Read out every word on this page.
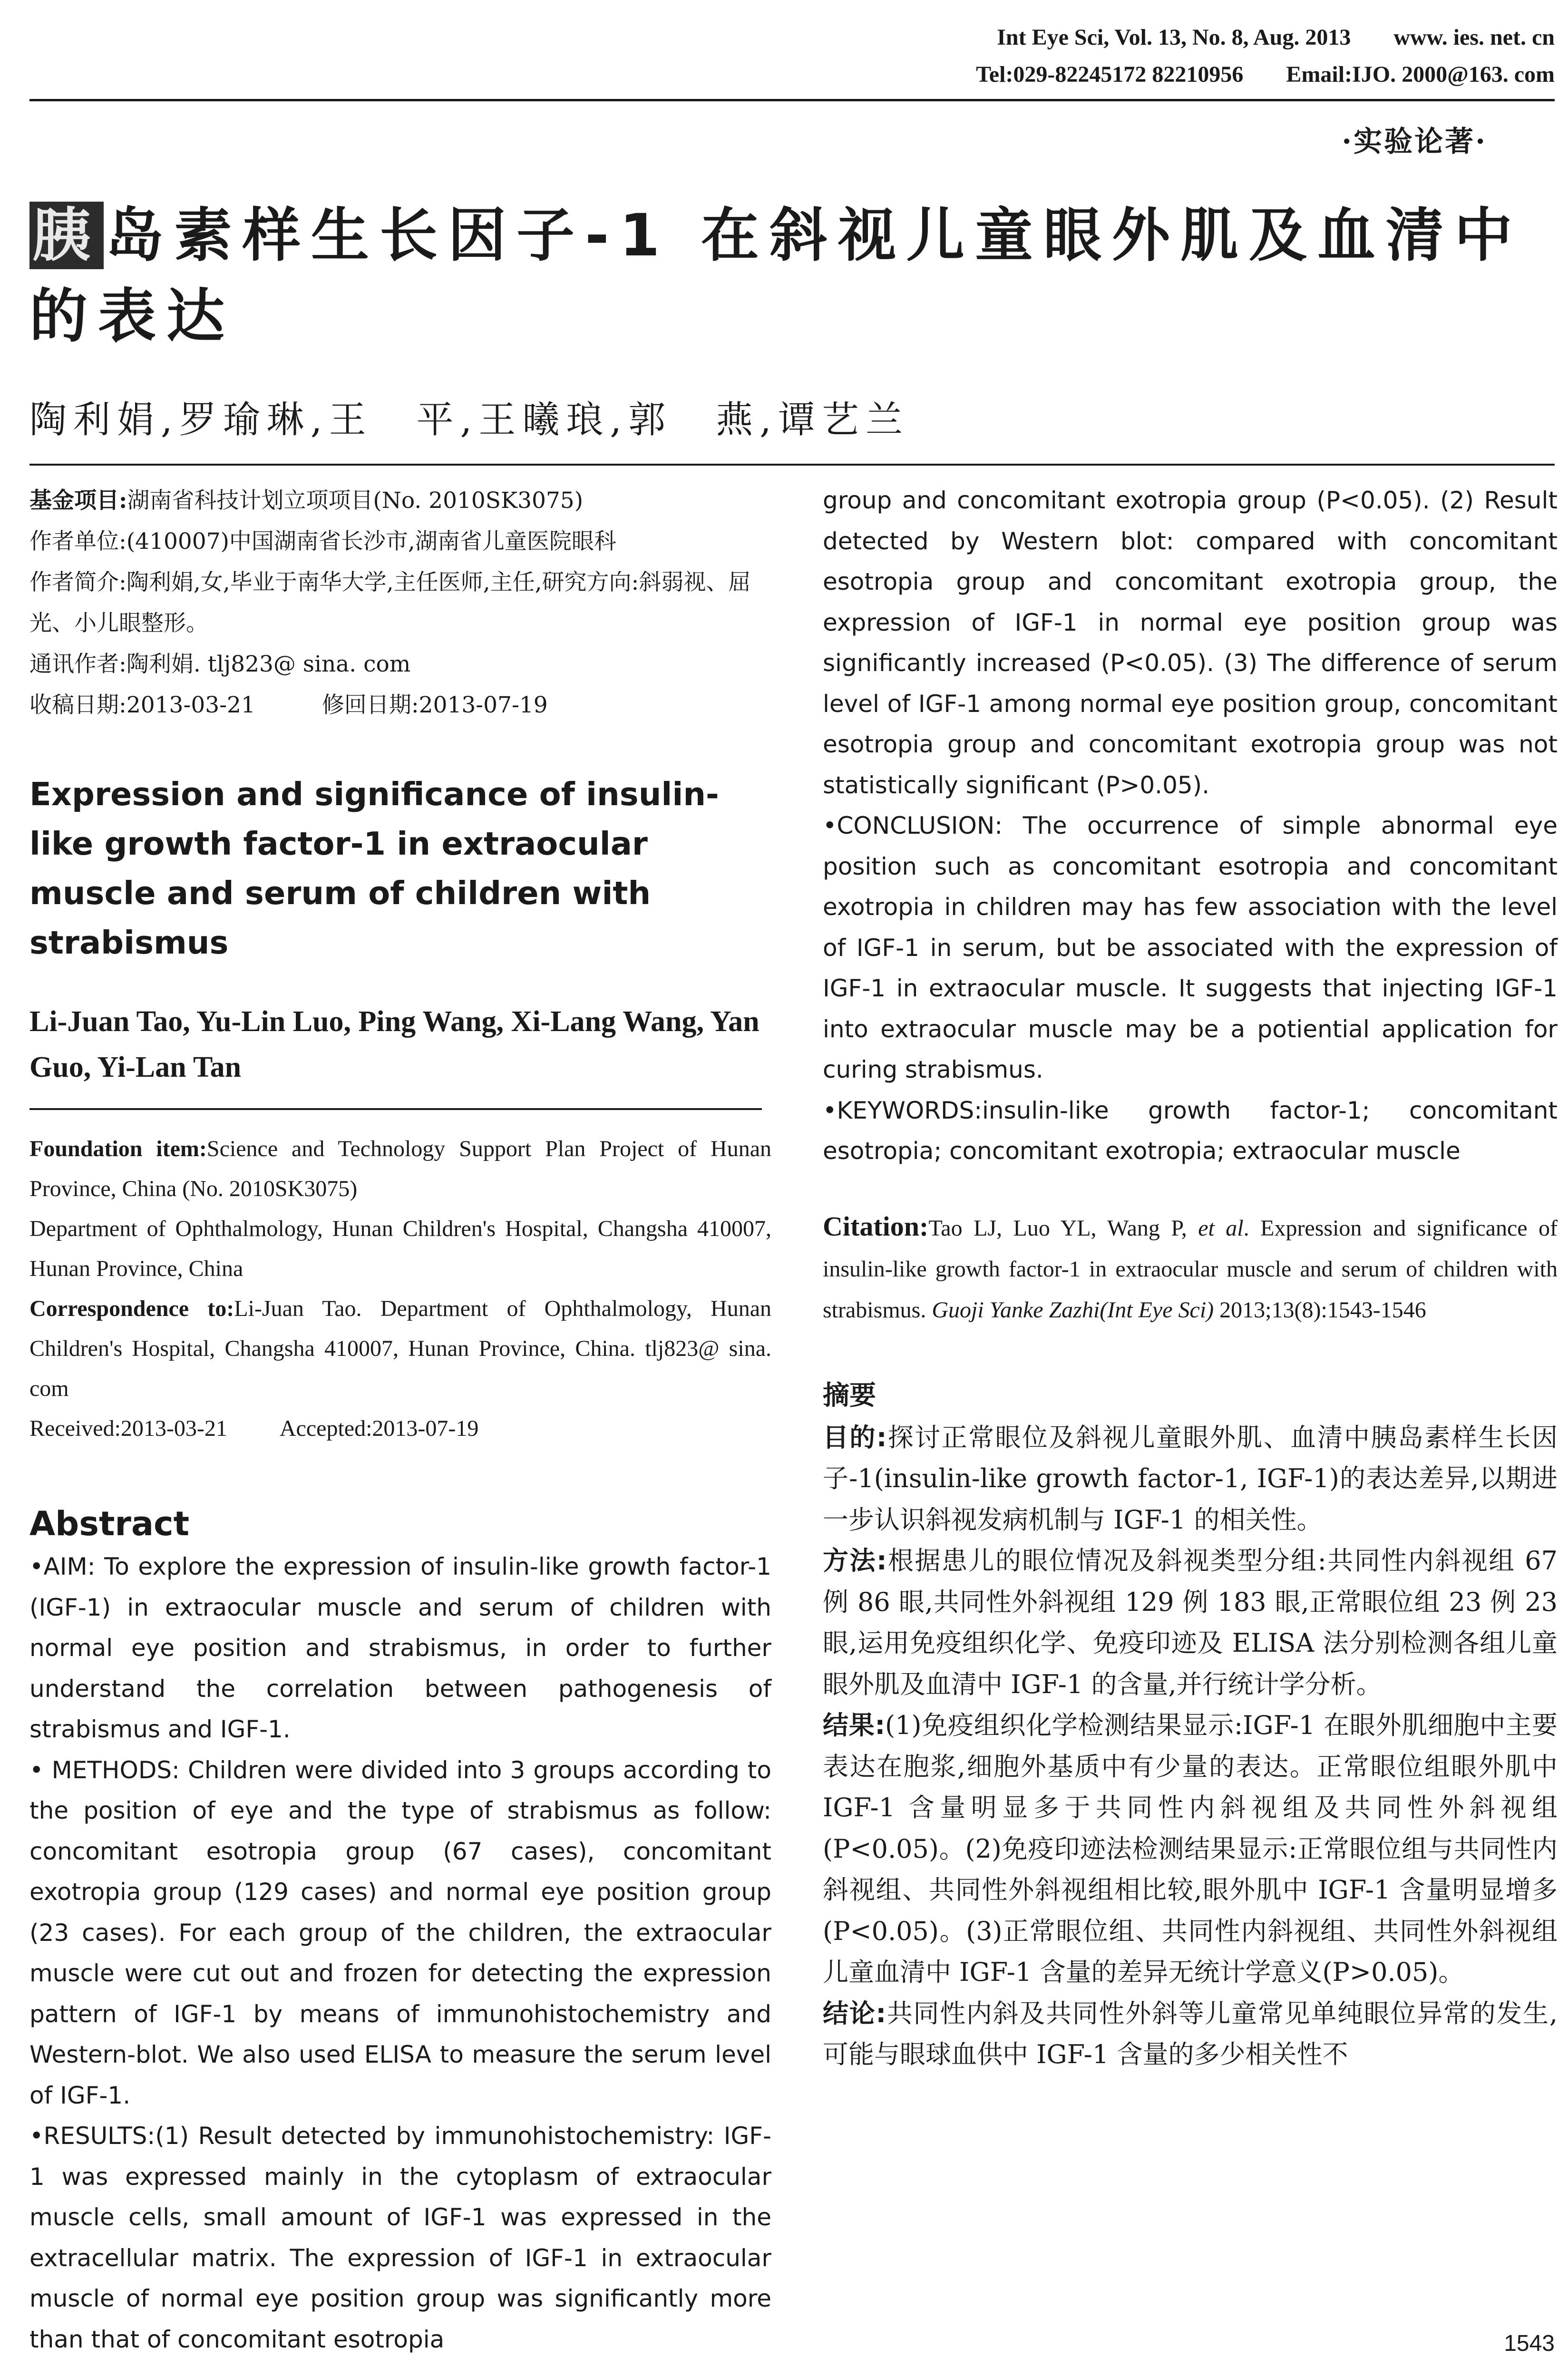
Int Eye Sci, Vol. 13, No. 8, Aug. 2013 www. ies. net. cn
Tel:029-82245172 82210956 Email:IJO. 2000@163. com
·实验论著·
胰岛素样生长因子-1 在斜视儿童眼外肌及血清中的表达
陶利娟,罗瑜琳,王　平,王曦琅,郭　燕,谭艺兰
基金项目:湖南省科技计划立项项目(No. 2010SK3075)
作者单位:(410007)中国湖南省长沙市,湖南省儿童医院眼科
作者简介:陶利娟,女,毕业于南华大学,主任医师,主任,研究方向:斜弱视、屈光、小儿眼整形。
通讯作者:陶利娟. tlj823@ sina. com
收稿日期:2013-03-21	修回日期:2013-07-19
Expression and significance of insulin-like growth factor-1 in extraocular muscle and serum of children with strabismus
Li-Juan Tao, Yu-Lin Luo, Ping Wang, Xi-Lang Wang, Yan Guo, Yi-Lan Tan
Foundation item:Science and Technology Support Plan Project of Hunan Province, China (No. 2010SK3075)
Department of Ophthalmology, Hunan Children's Hospital, Changsha 410007, Hunan Province, China
Correspondence to:Li-Juan Tao. Department of Ophthalmology, Hunan Children's Hospital, Changsha 410007, Hunan Province, China. tlj823@ sina. com
Received:2013-03-21 Accepted:2013-07-19
Abstract

•AIM: To explore the expression of insulin-like growth factor-1 (IGF-1) in extraocular muscle and serum of children with normal eye position and strabismus, in order to further understand the correlation between pathogenesis of strabismus and IGF-1.

• METHODS: Children were divided into 3 groups according to the position of eye and the type of strabismus as follow: concomitant esotropia group (67 cases), concomitant exotropia group (129 cases) and normal eye position group (23 cases). For each group of the children, the extraocular muscle were cut out and frozen for detecting the expression pattern of IGF-1 by means of immunohistochemistry and Western-blot. We also used ELISA to measure the serum level of IGF-1.

•RESULTS:(1) Result detected by immunohistochemistry: IGF-1 was expressed mainly in the cytoplasm of extraocular muscle cells, small amount of IGF-1 was expressed in the extracellular matrix. The expression of IGF-1 in extraocular muscle of normal eye position group was significantly more than that of concomitant esotropia

group and concomitant exotropia group (P<0.05). (2) Result detected by Western blot: compared with concomitant esotropia group and concomitant exotropia group, the expression of IGF-1 in normal eye position group was significantly increased (P<0.05). (3) The difference of serum level of IGF-1 among normal eye position group, concomitant esotropia group and concomitant exotropia group was not statistically significant (P>0.05).

•CONCLUSION: The occurrence of simple abnormal eye position such as concomitant esotropia and concomitant exotropia in children may has few association with the level of IGF-1 in serum, but be associated with the expression of IGF-1 in extraocular muscle. It suggests that injecting IGF-1 into extraocular muscle may be a potiential application for curing strabismus.

•KEYWORDS:insulin-like growth factor-1; concomitant esotropia; concomitant exotropia; extraocular muscle

Citation:Tao LJ, Luo YL, Wang P, et al. Expression and significance of insulin-like growth factor-1 in extraocular muscle and serum of children with strabismus. Guoji Yanke Zazhi(Int Eye Sci) 2013;13(8):1543-1546

摘要

目的:探讨正常眼位及斜视儿童眼外肌、血清中胰岛素样生长因子-1(insulin-like growth factor-1, IGF-1)的表达差异,以期进一步认识斜视发病机制与 IGF-1 的相关性。

方法:根据患儿的眼位情况及斜视类型分组:共同性内斜视组 67 例 86 眼,共同性外斜视组 129 例 183 眼,正常眼位组 23 例 23 眼,运用免疫组织化学、免疫印迹及 ELISA 法分别检测各组儿童眼外肌及血清中 IGF-1 的含量,并行统计学分析。

结果:(1)免疫组织化学检测结果显示:IGF-1 在眼外肌细胞中主要表达在胞浆,细胞外基质中有少量的表达。正常眼位组眼外肌中 IGF-1 含量明显多于共同性内斜视组及共同性外斜视组(P<0.05)。(2)免疫印迹法检测结果显示:正常眼位组与共同性内斜视组、共同性外斜视组相比较,眼外肌中 IGF-1 含量明显增多(P<0.05)。(3)正常眼位组、共同性内斜视组、共同性外斜视组儿童血清中 IGF-1 含量的差异无统计学意义(P>0.05)。

结论:共同性内斜及共同性外斜等儿童常见单纯眼位异常的发生,可能与眼球血供中 IGF-1 含量的多少相关性不

1543
